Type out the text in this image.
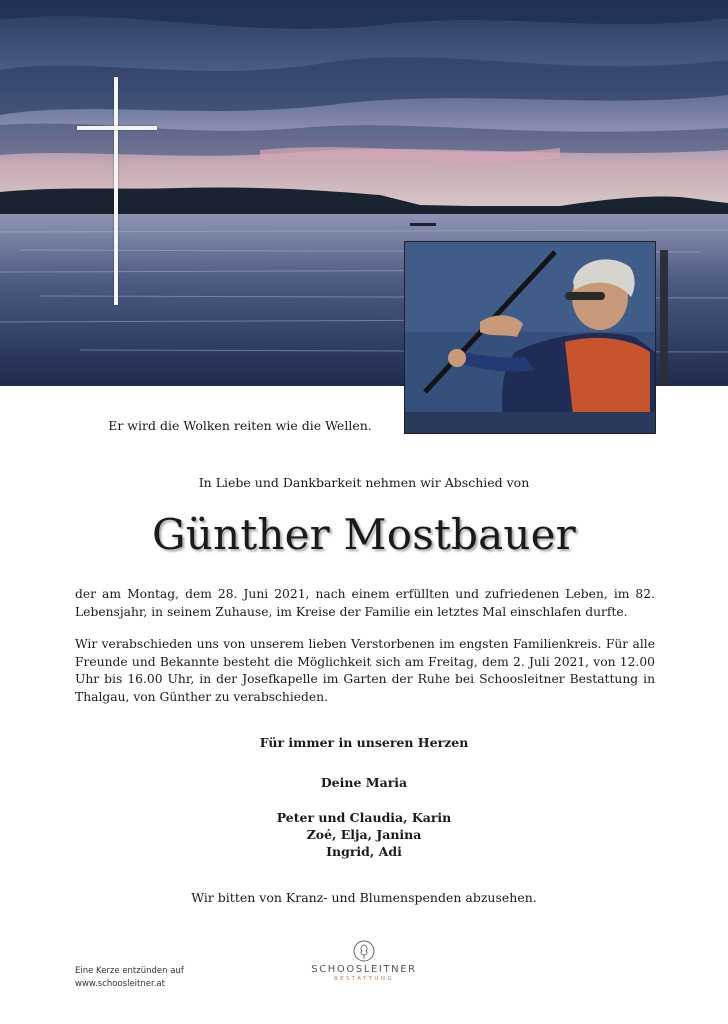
Er wird die Wolken reiten wie die Wellen.
In Liebe und Dankbarkeit nehmen wir Abschied von
Günther Mostbauer
der am Montag, dem 28. Juni 2021, nach einem erfüllten und zufriedenen Leben, im 82. Lebensjahr, in seinem Zuhause, im Kreise der Familie ein letztes Mal einschlafen durfte.
Wir verabschieden uns von unserem lieben Verstorbenen im engsten Familienkreis. Für alle Freunde und Bekannte besteht die Möglichkeit sich am Freitag, dem 2. Juli 2021, von 12.00 Uhr bis 16.00 Uhr, in der Josefkapelle im Garten der Ruhe bei Schoosleitner Bestattung in Thalgau, von Günther zu verabschieden.
Für immer in unseren Herzen
Deine Maria
Peter und Claudia, Karin
Zoé, Elja, Janina
Ingrid, Adi
Wir bitten von Kranz- und Blumenspenden abzusehen.
Eine Kerze entzünden auf
www.schoosleitner.at
SCHOOSLEITNER
BESTATTUNG
